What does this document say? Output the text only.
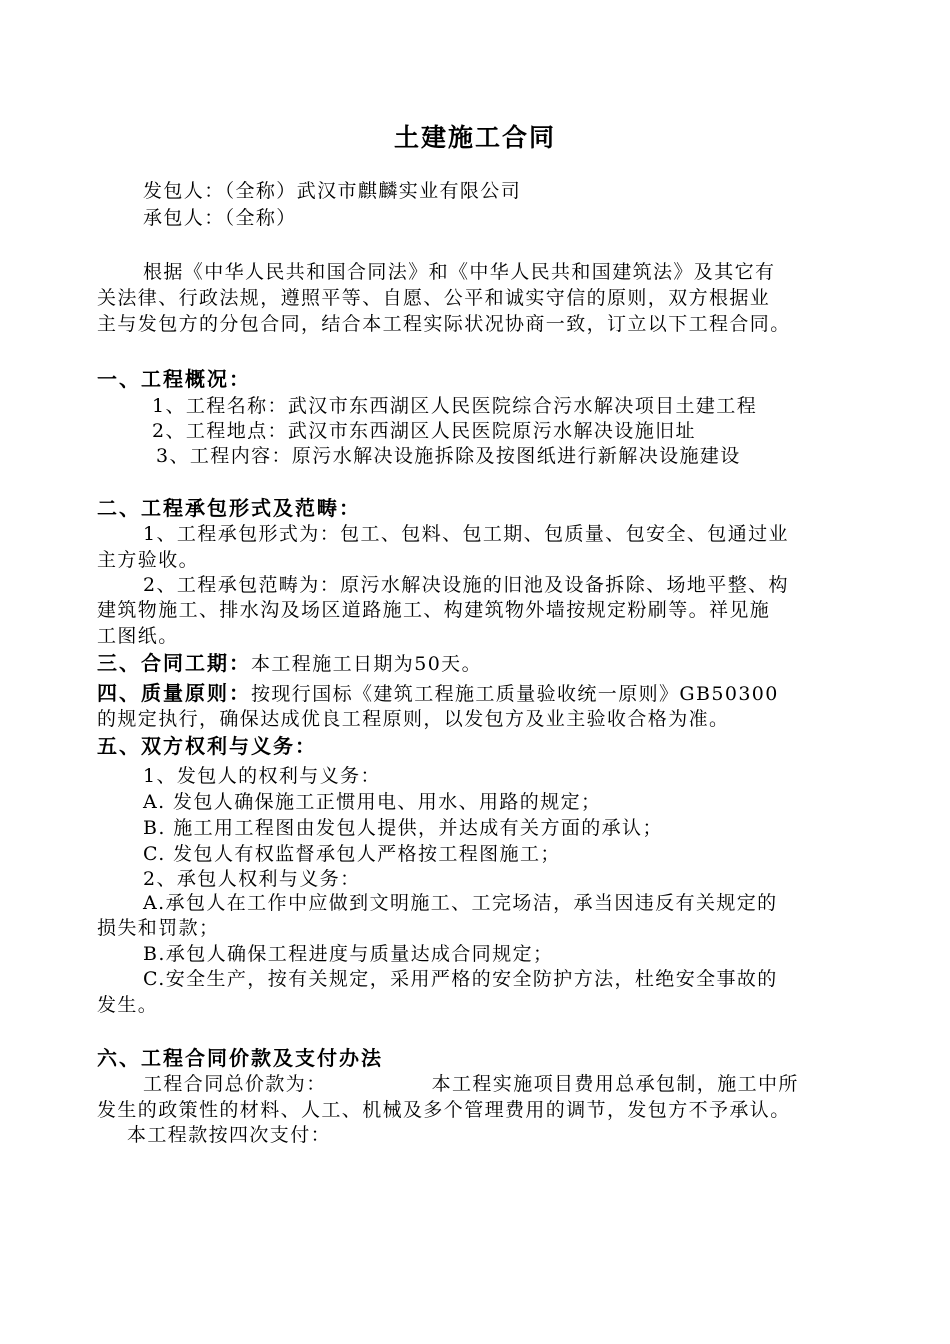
土建施工合同
发包人：（全称）武汉市麒麟实业有限公司
承包人：（全称）
根据《中华人民共和国合同法》和《中华人民共和国建筑法》及其它有
关法律、行政法规，遵照平等、自愿、公平和诚实守信的原则，双方根据业
主与发包方的分包合同，结合本工程实际状况协商一致，订立以下工程合同。
一、工程概况：
1、工程名称：武汉市东西湖区人民医院综合污水解决项目土建工程
2、工程地点：武汉市东西湖区人民医院原污水解决设施旧址
3、工程内容：原污水解决设施拆除及按图纸进行新解决设施建设
二、工程承包形式及范畴：
1、工程承包形式为：包工、包料、包工期、包质量、包安全、包通过业
主方验收。
2、工程承包范畴为：原污水解决设施的旧池及设备拆除、场地平整、构
建筑物施工、排水沟及场区道路施工、构建筑物外墙按规定粉刷等。祥见施
工图纸。
三、合同工期：本工程施工日期为50天。
四、质量原则：按现行国标《建筑工程施工质量验收统一原则》GB50300
的规定执行，确保达成优良工程原则，以发包方及业主验收合格为准。
五、双方权利与义务：
1、发包人的权利与义务：
A. 发包人确保施工正惯用电、用水、用路的规定；
B. 施工用工程图由发包人提供，并达成有关方面的承认；
C. 发包人有权监督承包人严格按工程图施工；
2、承包人权利与义务：
A.承包人在工作中应做到文明施工、工完场洁，承当因违反有关规定的
损失和罚款；
B.承包人确保工程进度与质量达成合同规定；
C.安全生产，按有关规定，采用严格的安全防护方法，杜绝安全事故的
发生。
六、工程合同价款及支付办法
工程合同总价款为：	本工程实施项目费用总承包制，施工中所
发生的政策性的材料、人工、机械及多个管理费用的调节，发包方不予承认。
本工程款按四次支付：
